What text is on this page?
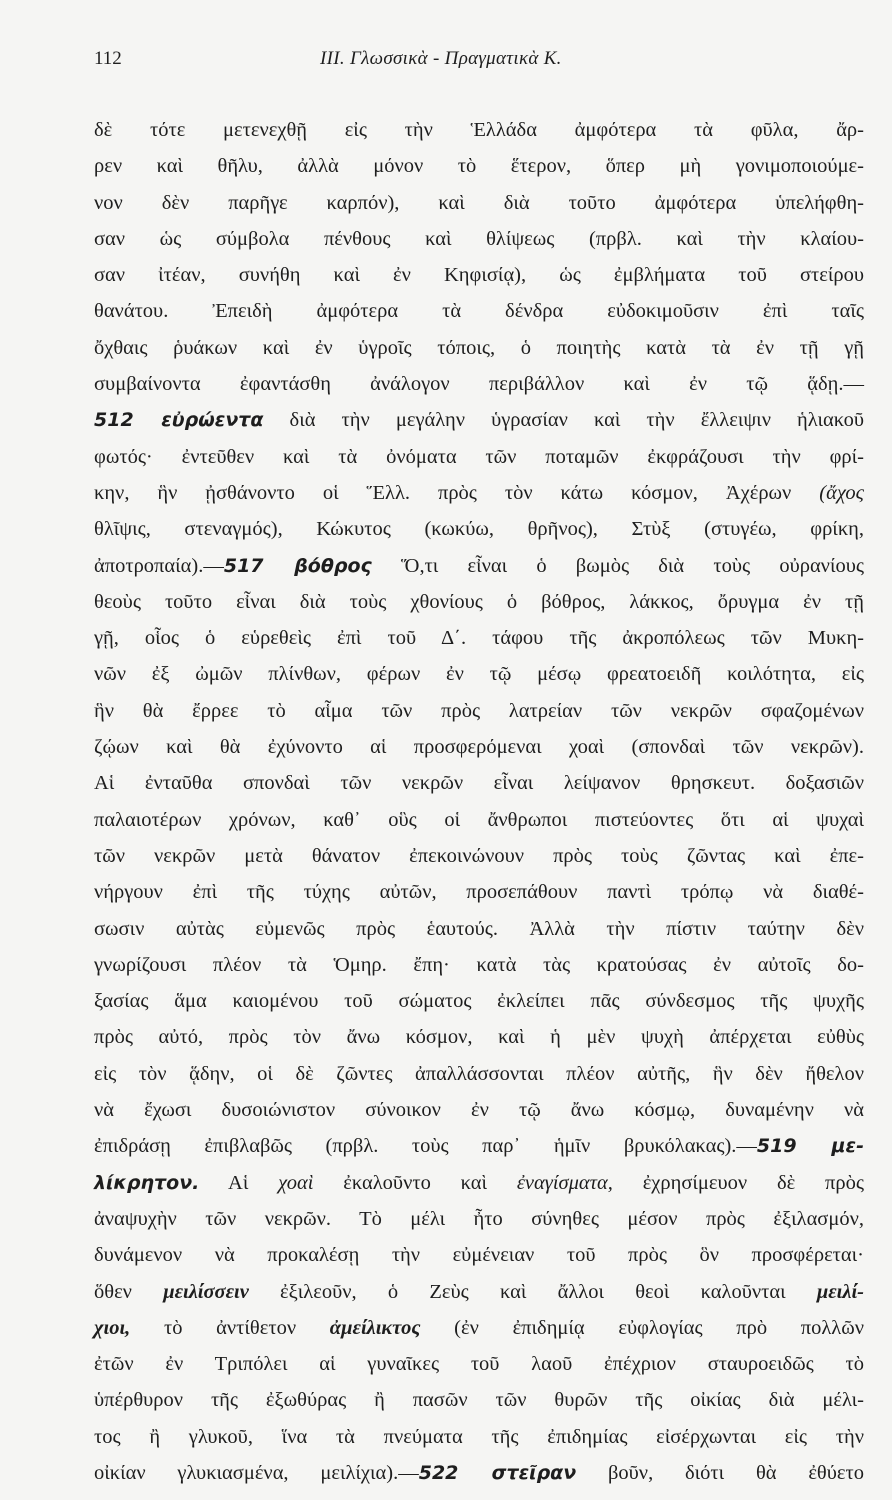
112	ΙΙΙ. Γλωσσικὰ - Πραγματικὰ Κ.
δὲ τότε μετενεχθῇ εἰς τὴν Ἑλλάδα ἀμφότερα τὰ φῦλα, ἄρ-
ρεν καὶ θῆλυ, ἀλλὰ μόνον τὸ ἕτερον, ὅπερ μὴ γονιμοποιούμε-
νον δὲν παρῆγε καρπόν), καὶ διὰ τοῦτο ἀμφότερα ὑπελήφθη-
σαν ὡς σύμβολα πένθους καὶ θλίψεως (πρβλ. καὶ τὴν κλαίου-
σαν ἰτέαν, συνήθη καὶ ἐν Κηφισίᾳ), ὡς ἐμβλήματα τοῦ στείρου
θανάτου. Ἐπειδὴ ἀμφότερα τὰ δένδρα εὐδοκιμοῦσιν ἐπὶ ταῖς
ὄχθαις ῥυάκων καὶ ἐν ὑγροῖς τόποις, ὁ ποιητὴς κατὰ τὰ ἐν τῇ γῇ
συμβαίνοντα ἐφαντάσθη ἀνάλογον περιβάλλον καὶ ἐν τῷ ᾅδῃ.—
512 εὐρώεντα διὰ τὴν μεγάλην ὑγρασίαν καὶ τὴν ἔλλειψιν ἡλιακοῦ
φωτός· ἐντεῦθεν καὶ τὰ ὀνόματα τῶν ποταμῶν ἐκφράζουσι τὴν φρί-
κην, ἣν ᾐσθάνοντο οἱ Ἕλλ. πρὸς τὸν κάτω κόσμον, Ἀχέρων (ἄχος
θλῖψις, στεναγμός), Κώκυτος (κωκύω, θρῆνος), Στὺξ (στυγέω, φρίκη,
ἀποτροπαία).—517 βόθρος Ὅ,τι εἶναι ὁ βωμὸς διὰ τοὺς οὐρανίους
θεοὺς τοῦτο εἶναι διὰ τοὺς χθονίους ὁ βόθρος, λάκκος, ὄρυγμα ἐν τῇ
γῇ, οἷος ὁ εὑρεθεὶς ἐπὶ τοῦ Δ΄. τάφου τῆς ἀκροπόλεως τῶν Μυκη-
νῶν ἐξ ὠμῶν πλίνθων, φέρων ἐν τῷ μέσῳ φρεατοειδῆ κοιλότητα, εἰς
ἣν θὰ ἔρρεε τὸ αἷμα τῶν πρὸς λατρείαν τῶν νεκρῶν σφαζομένων
ζῴων καὶ θὰ ἐχύνοντο αἱ προσφερόμεναι χοαὶ (σπονδαὶ τῶν νεκρῶν).
Αἱ ἐνταῦθα σπονδαὶ τῶν νεκρῶν εἶναι λείψανον θρησκευτ. δοξασιῶν
παλαιοτέρων χρόνων, καθ᾽ οὓς οἱ ἄνθρωποι πιστεύοντες ὅτι αἱ ψυχαὶ
τῶν νεκρῶν μετὰ θάνατον ἐπεκοινώνουν πρὸς τοὺς ζῶντας καὶ ἐπε-
νήργουν ἐπὶ τῆς τύχης αὐτῶν, προσεπάθουν παντὶ τρόπῳ νὰ διαθέ-
σωσιν αὐτὰς εὐμενῶς πρὸς ἑαυτούς. Ἀλλὰ τὴν πίστιν ταύτην δὲν
γνωρίζουσι πλέον τὰ Ὁμηρ. ἔπη· κατὰ τὰς κρατούσας ἐν αὐτοῖς δο-
ξασίας ἅμα καιομένου τοῦ σώματος ἐκλείπει πᾶς σύνδεσμος τῆς ψυχῆς
πρὸς αὐτό, πρὸς τὸν ἄνω κόσμον, καὶ ἡ μὲν ψυχὴ ἀπέρχεται εὐθὺς
εἰς τὸν ᾅδην, οἱ δὲ ζῶντες ἀπαλλάσσονται πλέον αὐτῆς, ἣν δὲν ἤθελον
νὰ ἔχωσι δυσοιώνιστον σύνοικον ἐν τῷ ἄνω κόσμῳ, δυναμένην νὰ
ἐπιδράσῃ ἐπιβλαβῶς (πρβλ. τοὺς παρ᾽ ἡμῖν βρυκόλακας).—519 με-
λίκρητον. Αἱ χοαὶ ἐκαλοῦντο καὶ ἐναγίσματα, ἐχρησίμευον δὲ πρὸς
ἀναψυχὴν τῶν νεκρῶν. Τὸ μέλι ἦτο σύνηθες μέσον πρὸς ἐξιλασμόν,
δυνάμενον νὰ προκαλέσῃ τὴν εὐμένειαν τοῦ πρὸς ὃν προσφέρεται·
ὅθεν μειλίσσειν ἐξιλεοῦν, ὁ Ζεὺς καὶ ἄλλοι θεοὶ καλοῦνται μειλί-
χιοι, τὸ ἀντίθετον ἀμείλικτος (ἐν ἐπιδημίᾳ εὐφλογίας πρὸ πολλῶν
ἐτῶν ἐν Τριπόλει αἱ γυναῖκες τοῦ λαοῦ ἐπέχριον σταυροειδῶς τὸ
ὑπέρθυρον τῆς ἐξωθύρας ἢ πασῶν τῶν θυρῶν τῆς οἰκίας διὰ μέλι-
τος ἢ γλυκοῦ, ἵνα τὰ πνεύματα τῆς ἐπιδημίας εἰσέρχωνται εἰς τὴν
οἰκίαν γλυκιασμένα, μειλίχια).—522 στεῖραν βοῦν, διότι θὰ ἐθύετο
